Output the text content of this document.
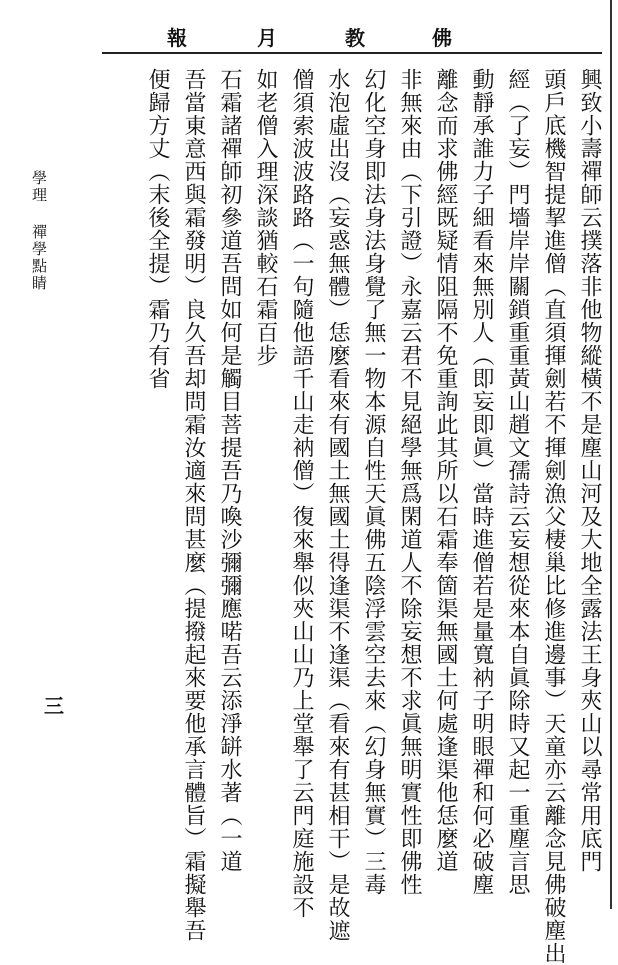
報	月	教	佛
興致小壽禪師云撲落非他物縱橫不是塵山河及大地全露法王身夾山以尋常用底門
頭戶底機智提挈進僧（直須揮劍若不揮劍漁父棲巢比修進邊事）天童亦云離念見佛破塵出
經（了妄）門墻岸岸關鎖重重黃山趙文孺詩云妄想從來本自眞除時又起一重塵言思
動靜承誰力子細看來無別人（即妄即眞）當時進僧若是量寬衲子明眼禪和何必破塵
離念而求佛經既疑情阻隔不免重詢此其所以石霜奉箇渠無國土何處逢渠他恁麼道
非無來由（下引證）永嘉云君不見絕學無爲閑道人不除妄想不求眞無明實性即佛性
幻化空身即法身法身覺了無一物本源自性天眞佛五陰浮雲空去來（幻身無實）三毒
水泡虛出沒（妄惑無體）恁麼看來有國土無國土得逢渠不逢渠（看來有甚相干）是故遮
僧須索波波路路（一句隨他語千山走衲僧）復來舉似夾山山乃上堂舉了云門庭施設不
如老僧入理深談猶較石霜百步
石霜諸禪師初參道吾問如何是觸目菩提吾乃喚沙彌彌應喏吾云添淨缾水著（一道
吾當東意西與霜發明）良久吾却問霜汝適來問甚麼（提撥起來要他承言體旨）霜擬舉吾
便歸方丈（末後全提）霜乃有省
學理 禪學點睛
三
